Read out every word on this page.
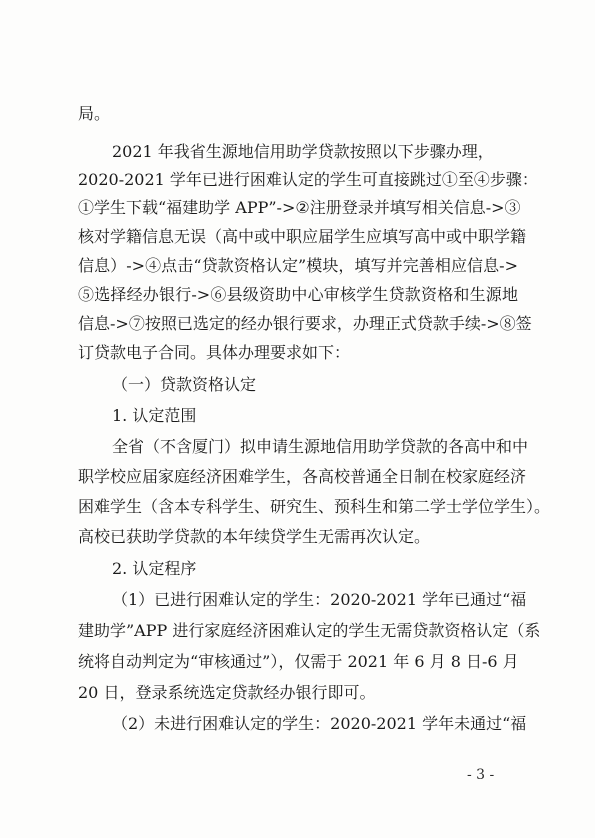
局。
2021 年我省生源地信用助学贷款按照以下步骤办理，
2020-2021 学年已进行困难认定的学生可直接跳过①至④步骤：
①学生下载“福建助学 APP”->②注册登录并填写相关信息->③
核对学籍信息无误（高中或中职应届学生应填写高中或中职学籍
信息）->④点击“贷款资格认定”模块，填写并完善相应信息->
⑤选择经办银行->⑥县级资助中心审核学生贷款资格和生源地
信息->⑦按照已选定的经办银行要求，办理正式贷款手续->⑧签
订贷款电子合同。具体办理要求如下：
（一）贷款资格认定
1. 认定范围
全省（不含厦门）拟申请生源地信用助学贷款的各高中和中
职学校应届家庭经济困难学生，各高校普通全日制在校家庭经济
困难学生（含本专科学生、研究生、预科生和第二学士学位学生）。
高校已获助学贷款的本年续贷学生无需再次认定。
2. 认定程序
（1）已进行困难认定的学生：2020-2021 学年已通过“福
建助学”APP 进行家庭经济困难认定的学生无需贷款资格认定（系
统将自动判定为“审核通过”），仅需于 2021 年 6 月 8 日-6 月
20 日，登录系统选定贷款经办银行即可。
（2）未进行困难认定的学生：2020-2021 学年未通过“福
- 3 -
